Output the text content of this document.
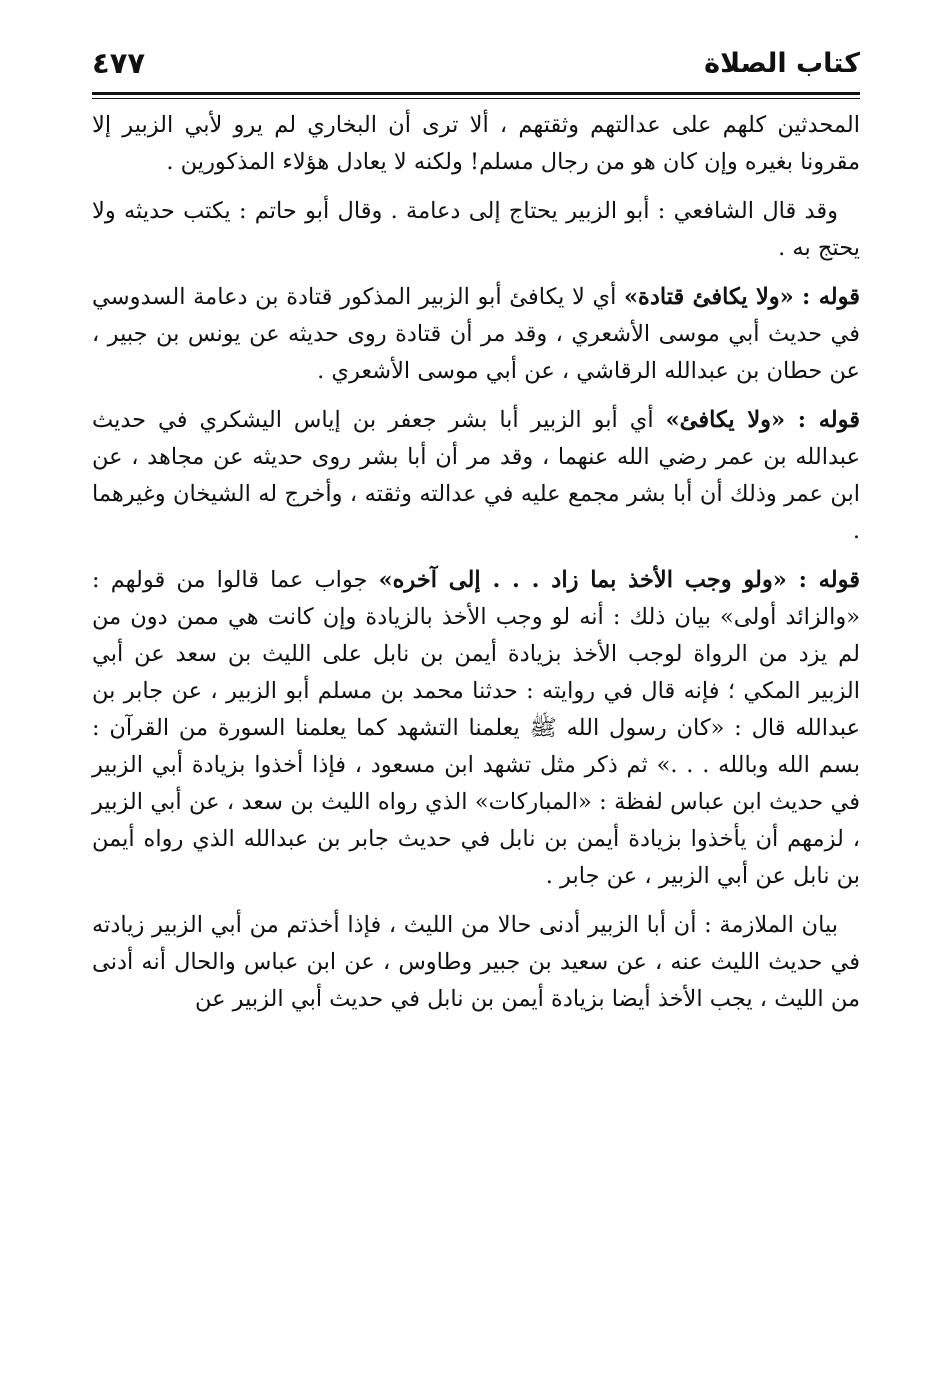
كتاب الصلاة
٤٧٧

المحدثين كلهم على عدالتهم وثقتهم ، ألا ترى أن البخاري لم يرو لأبي الزبير إلا مقرونا بغيره وإن كان هو من رجال مسلم! ولكنه لا يعادل هؤلاء المذكورين .

وقد قال الشافعي : أبو الزبير يحتاج إلى دعامة . وقال أبو حاتم : يكتب حديثه ولا يحتج به .

قوله : «ولا يكافئ قتادة» أي لا يكافئ أبو الزبير المذكور قتادة بن دعامة السدوسي في حديث أبي موسى الأشعري ، وقد مر أن قتادة روى حديثه عن يونس بن جبير ، عن حطان بن عبدالله الرقاشي ، عن أبي موسى الأشعري .

قوله : «ولا يكافئ» أي أبو الزبير أبا بشر جعفر بن إياس اليشكري في حديث عبدالله بن عمر رضي الله عنهما ، وقد مر أن أبا بشر روى حديثه عن مجاهد ، عن ابن عمر وذلك أن أبا بشر مجمع عليه في عدالته وثقته ، وأخرج له الشيخان وغيرهما .

قوله : «ولو وجب الأخذ بما زاد . . . إلى آخره» جواب عما قالوا من قولهم : «والزائد أولى» بيان ذلك : أنه لو وجب الأخذ بالزيادة وإن كانت هي ممن دون من لم يزد من الرواة لوجب الأخذ بزيادة أيمن بن نابل على الليث بن سعد عن أبي الزبير المكي ؛ فإنه قال في روايته : حدثنا محمد بن مسلم أبو الزبير ، عن جابر بن عبدالله قال : «كان رسول الله ﷺ يعلمنا التشهد كما يعلمنا السورة من القرآن : بسم الله وبالله . . .» ثم ذكر مثل تشهد ابن مسعود ، فإذا أخذوا بزيادة أبي الزبير في حديث ابن عباس لفظة : «المباركات» الذي رواه الليث بن سعد ، عن أبي الزبير ، لزمهم أن يأخذوا بزيادة أيمن بن نابل في حديث جابر بن عبدالله الذي رواه أيمن بن نابل عن أبي الزبير ، عن جابر .

بيان الملازمة : أن أبا الزبير أدنى حالا من الليث ، فإذا أخذتم من أبي الزبير زيادته في حديث الليث عنه ، عن سعيد بن جبير وطاوس ، عن ابن عباس والحال أنه أدنى من الليث ، يجب الأخذ أيضا بزيادة أيمن بن نابل في حديث أبي الزبير عن
